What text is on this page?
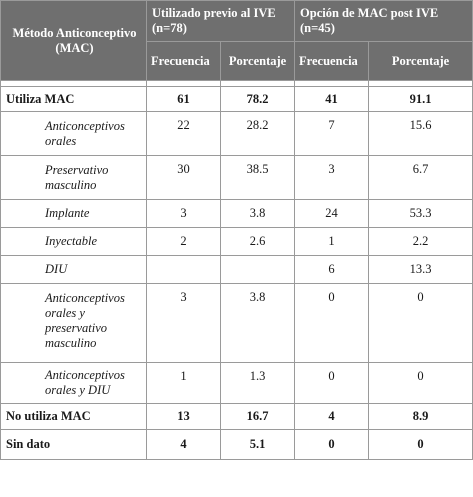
Método Anticonceptivo (MAC)	Utilizado previo al IVE (n=78)		Opción de MAC post IVE (n=45)	
	Frecuencia	Porcentaje	Frecuencia	Porcentaje

Utiliza MAC	61	78.2	41	91.1
Anticonceptivos orales	22	28.2	7	15.6
Preservativo masculino	30	38.5	3	6.7
Implante	3	3.8	24	53.3
Inyectable	2	2.6	1	2.2
DIU			6	13.3
Anticonceptivos orales y preservativo masculino	3	3.8	0	0
Anticonceptivos orales y DIU	1	1.3	0	0
No utiliza MAC	13	16.7	4	8.9
Sin dato	4	5.1	0	0
